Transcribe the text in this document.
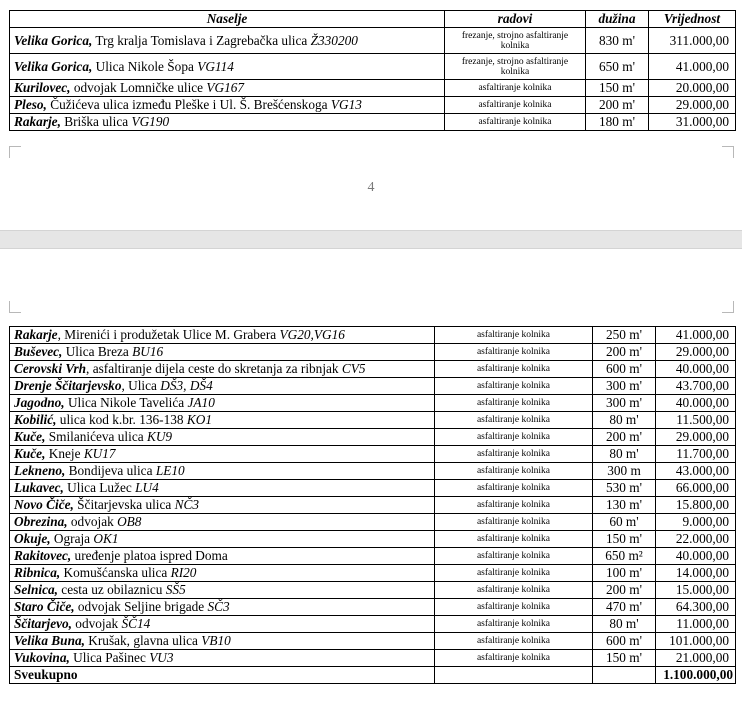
Naselje	radovi	dužina	Vrijednost
Velika Gorica, Trg kralja Tomislava i Zagrebačka ulica Ž330200	frezanje, strojno asfaltiranje kolnika	830 m'	311.000,00
Velika Gorica, Ulica Nikole Šopa VG114	frezanje, strojno asfaltiranje kolnika	650 m'	41.000,00
Kurilovec, odvojak Lomničke ulice VG167	asfaltiranje kolnika	150 m'	20.000,00
Pleso, Čužićeva ulica između Pleške i Ul. Š. Brešćenskoga VG13	asfaltiranje kolnika	200 m'	29.000,00
Rakarje, Briška ulica VG190	asfaltiranje kolnika	180 m'	31.000,00
4
Rakarje, Mirenići i produžetak Ulice M. Grabera VG20,VG16	asfaltiranje kolnika	250 m'	41.000,00
Buševec, Ulica Breza BU16	asfaltiranje kolnika	200 m'	29.000,00
Cerovski Vrh, asfaltiranje dijela ceste do skretanja za ribnjak CV5	asfaltiranje kolnika	600 m'	40.000,00
Drenje Ščitarjevsko, Ulica DŠ3, DŠ4	asfaltiranje kolnika	300 m'	43.700,00
Jagodno, Ulica Nikole Tavelića JA10	asfaltiranje kolnika	300 m'	40.000,00
Kobilić, ulica kod k.br. 136-138 KO1	asfaltiranje kolnika	80 m'	11.500,00
Kuče, Smilanićeva ulica KU9	asfaltiranje kolnika	200 m'	29.000,00
Kuče, Kneje KU17	asfaltiranje kolnika	80 m'	11.700,00
Lekneno, Bondijeva ulica LE10	asfaltiranje kolnika	300 m	43.000,00
Lukavec, Ulica Lužec LU4	asfaltiranje kolnika	530 m'	66.000,00
Novo Čiče, Ščitarjevska ulica NČ3	asfaltiranje kolnika	130 m'	15.800,00
Obrezina, odvojak OB8	asfaltiranje kolnika	60 m'	9.000,00
Okuje, Ograja OK1	asfaltiranje kolnika	150 m'	22.000,00
Rakitovec, uređenje platoa ispred Doma	asfaltiranje kolnika	650 m²	40.000,00
Ribnica, Komušćanska ulica RI20	asfaltiranje kolnika	100 m'	14.000,00
Selnica, cesta uz obilaznicu SŠ5	asfaltiranje kolnika	200 m'	15.000,00
Staro Čiče, odvojak Seljine brigade SČ3	asfaltiranje kolnika	470 m'	64.300,00
Ščitarjevo, odvojak ŠČ14	asfaltiranje kolnika	80 m'	11.000,00
Velika Buna, Krušak, glavna ulica VB10	asfaltiranje kolnika	600 m'	101.000,00
Vukovina, Ulica Pašinec VU3	asfaltiranje kolnika	150 m'	21.000,00
Sveukupno			1.100.000,00
